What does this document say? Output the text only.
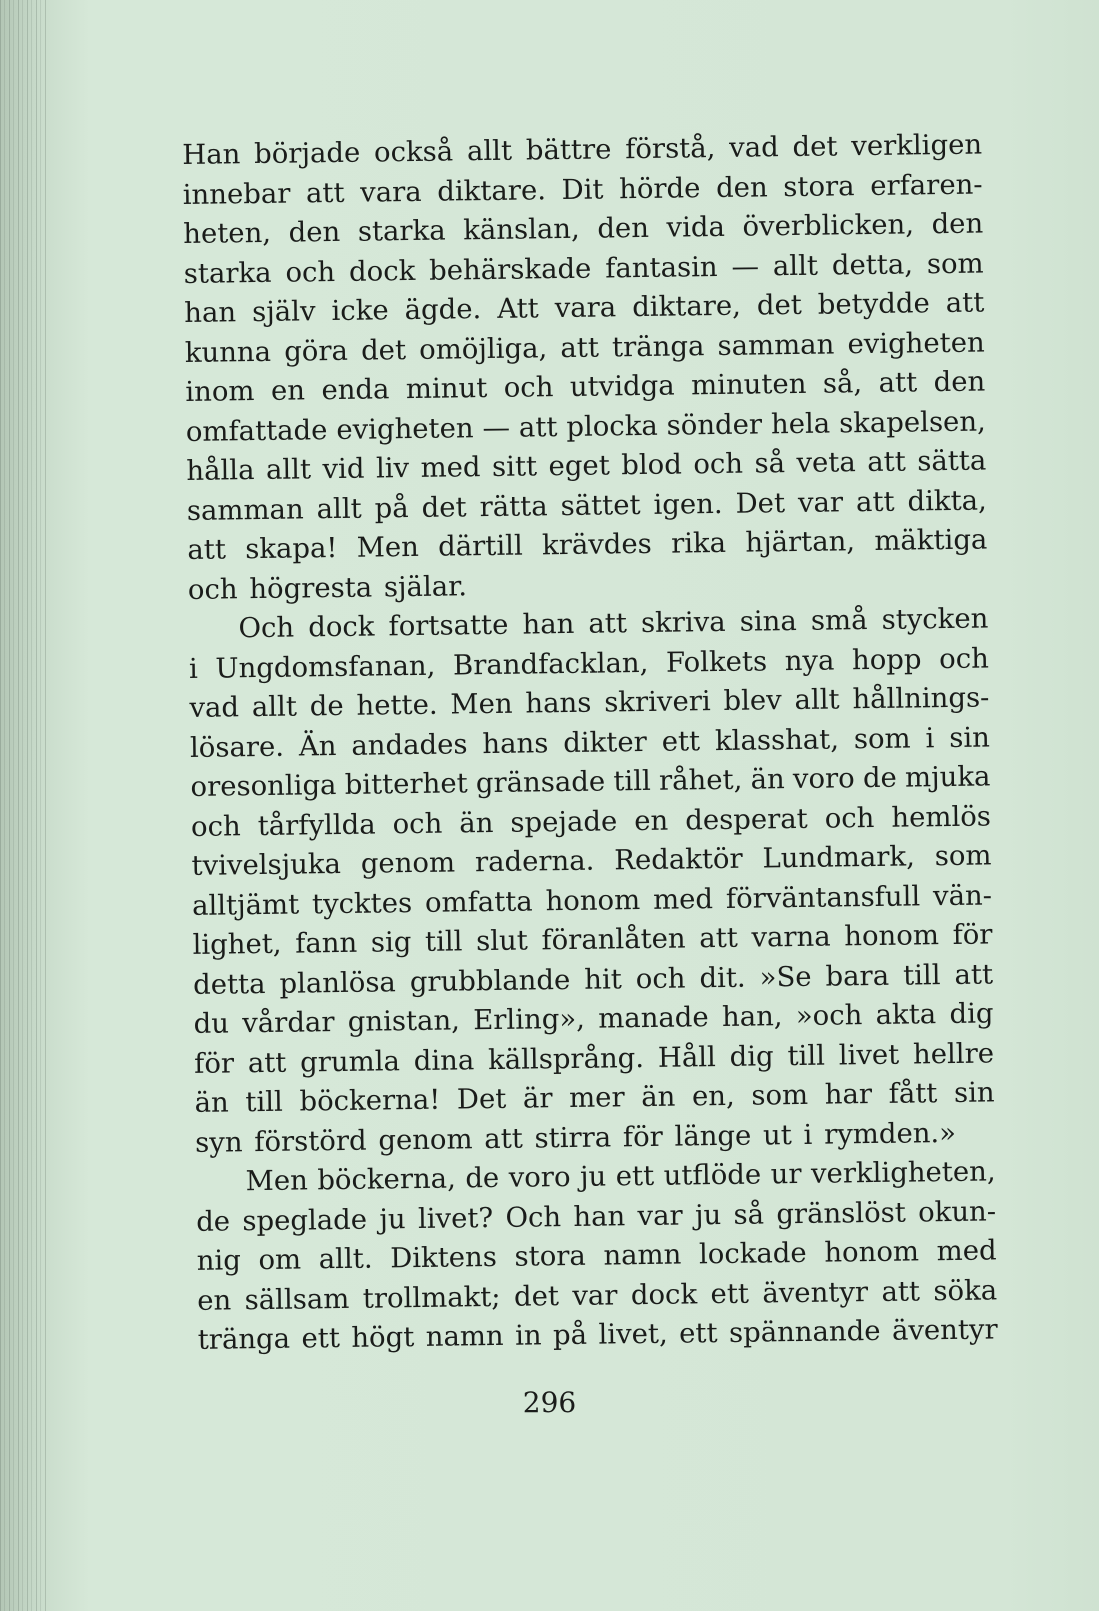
Han började också allt bättre förstå, vad det verkligen
innebar att vara diktare. Dit hörde den stora erfaren-
heten, den starka känslan, den vida överblicken, den
starka och dock behärskade fantasin — allt detta, som
han själv icke ägde. Att vara diktare, det betydde att
kunna göra det omöjliga, att tränga samman evigheten
inom en enda minut och utvidga minuten så, att den
omfattade evigheten — att plocka sönder hela skapelsen,
hålla allt vid liv med sitt eget blod och så veta att sätta
samman allt på det rätta sättet igen. Det var att dikta,
att skapa! Men därtill krävdes rika hjärtan, mäktiga
och högresta själar.
Och dock fortsatte han att skriva sina små stycken
i Ungdomsfanan, Brandfacklan, Folkets nya hopp och
vad allt de hette. Men hans skriveri blev allt hållnings-
lösare. Än andades hans dikter ett klasshat, som i sin
oresonliga bitterhet gränsade till råhet, än voro de mjuka
och tårfyllda och än spejade en desperat och hemlös
tvivelsjuka genom raderna. Redaktör Lundmark, som
alltjämt tycktes omfatta honom med förväntansfull vän-
lighet, fann sig till slut föranlåten att varna honom för
detta planlösa grubblande hit och dit. »Se bara till att
du vårdar gnistan, Erling», manade han, »och akta dig
för att grumla dina källsprång. Håll dig till livet hellre
än till böckerna! Det är mer än en, som har fått sin
syn förstörd genom att stirra för länge ut i rymden.»
Men böckerna, de voro ju ett utflöde ur verkligheten,
de speglade ju livet? Och han var ju så gränslöst okun-
nig om allt. Diktens stora namn lockade honom med
en sällsam trollmakt; det var dock ett äventyr att söka
tränga ett högt namn in på livet, ett spännande äventyr
296
